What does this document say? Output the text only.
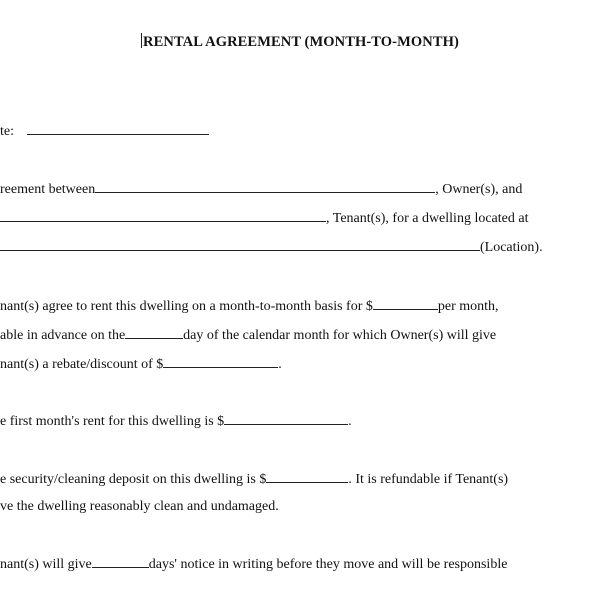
RENTAL AGREEMENT (MONTH-TO-MONTH)
te:
reement between	, Owner(s), and
, Tenant(s), for a dwelling located at
(Location).
nant(s) agree to rent this dwelling on a month-to-month basis for $	per month,
able in advance on the	day of the calendar month for which Owner(s) will give
nant(s) a rebate/discount of $	.
e first month's rent for this dwelling is $	.
e security/cleaning deposit on this dwelling is $	. It is refundable if Tenant(s)
ve the dwelling reasonably clean and undamaged.
nant(s) will give	days' notice in writing before they move and will be responsible
